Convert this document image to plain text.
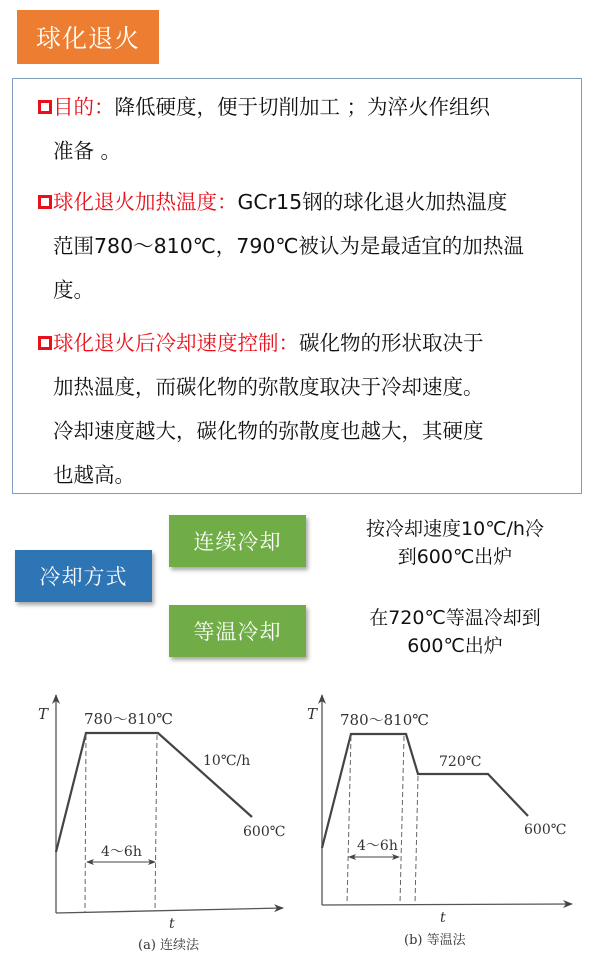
球化退火
目的：降低硬度，便于切削加工 ；为淬火作组织
准备 。
球化退火加热温度：GCr15钢的球化退火加热温度
范围780～810℃，790℃被认为是最适宜的加热温
度。
球化退火后冷却速度控制：碳化物的形状取决于
加热温度，而碳化物的弥散度取决于冷却速度。
冷却速度越大，碳化物的弥散度也越大，其硬度
也越高。
冷却方式
连续冷却
等温冷却
按冷却速度10℃/h冷
到600℃出炉
在720℃等温冷却到
600℃出炉
T 780～810℃
10℃/h
600℃
4～6h
t
(a) 连续法
T 780～810℃
720℃
600℃
4～6h
t
(b) 等温法
